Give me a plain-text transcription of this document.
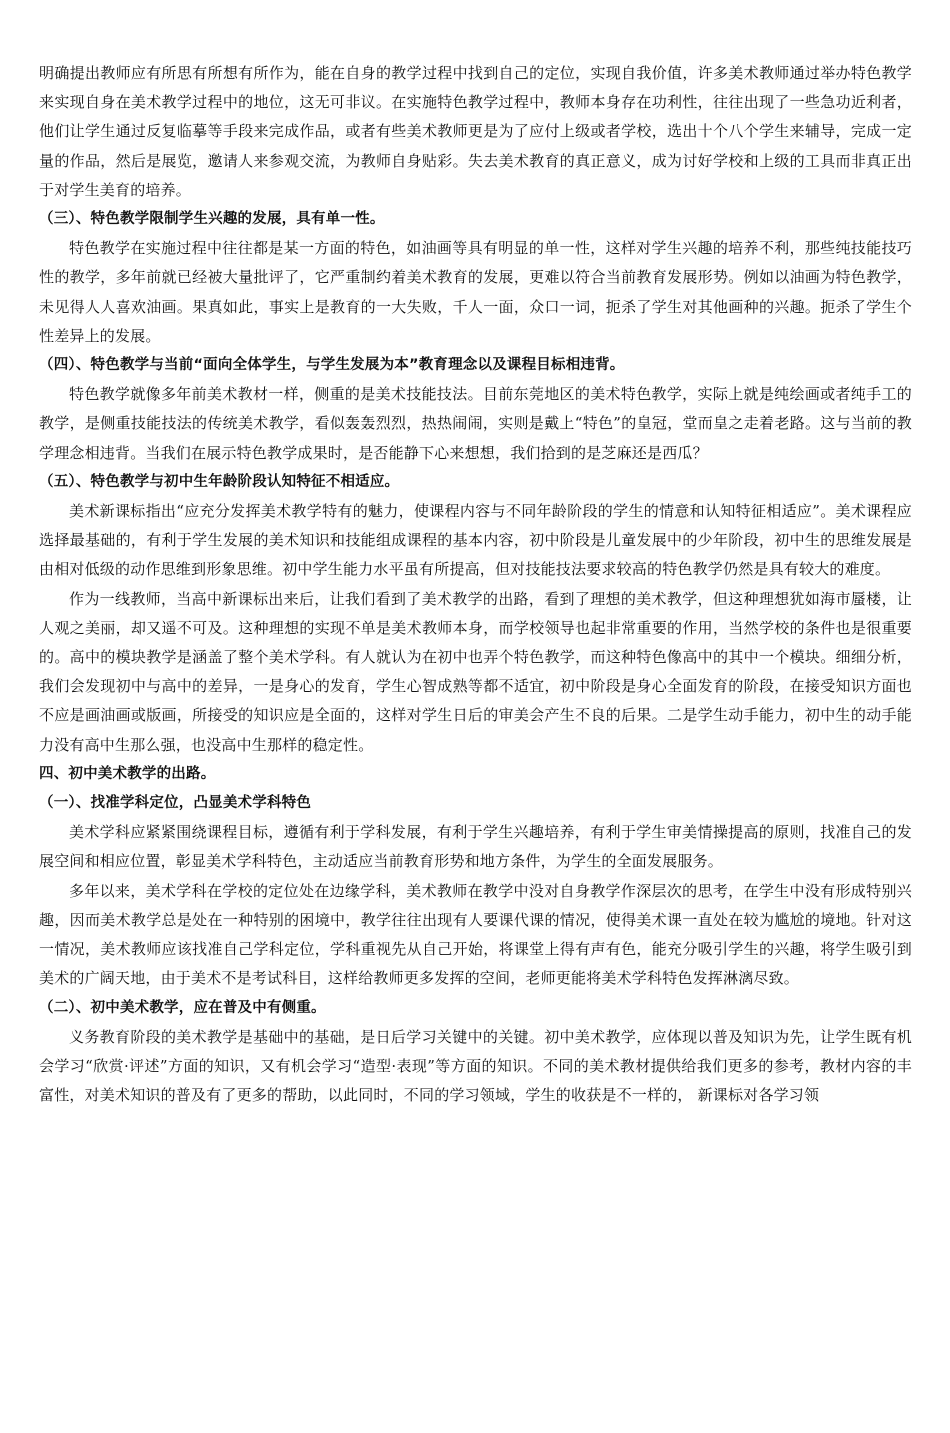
明确提出教师应有所思有所想有所作为，能在自身的教学过程中找到自己的定位，实现自我价值，许多美术教师通过举办特色教学来实现自身在美术教学过程中的地位，这无可非议。在实施特色教学过程中，教师本身存在功利性，往往出现了一些急功近利者，他们让学生通过反复临摹等手段来完成作品，或者有些美术教师更是为了应付上级或者学校，选出十个八个学生来辅导，完成一定量的作品，然后是展览，邀请人来参观交流，为教师自身贴彩。失去美术教育的真正意义，成为讨好学校和上级的工具而非真正出于对学生美育的培养。

（三）、特色教学限制学生兴趣的发展，具有单一性。

特色教学在实施过程中往往都是某一方面的特色，如油画等具有明显的单一性，这样对学生兴趣的培养不利，那些纯技能技巧性的教学，多年前就已经被大量批评了，它严重制约着美术教育的发展，更难以符合当前教育发展形势。例如以油画为特色教学，未见得人人喜欢油画。果真如此，事实上是教育的一大失败，千人一面，众口一词，扼杀了学生对其他画种的兴趣。扼杀了学生个性差异上的发展。

（四）、特色教学与当前“面向全体学生，与学生发展为本”教育理念以及课程目标相违背。

特色教学就像多年前美术教材一样，侧重的是美术技能技法。目前东莞地区的美术特色教学，实际上就是纯绘画或者纯手工的教学，是侧重技能技法的传统美术教学，看似轰轰烈烈，热热闹闹，实则是戴上“特色”的皇冠，堂而皇之走着老路。这与当前的教学理念相违背。当我们在展示特色教学成果时，是否能静下心来想想，我们拾到的是芝麻还是西瓜？

（五）、特色教学与初中生年龄阶段认知特征不相适应。

美术新课标指出“应充分发挥美术教学特有的魅力，使课程内容与不同年龄阶段的学生的情意和认知特征相适应”。美术课程应选择最基础的，有利于学生发展的美术知识和技能组成课程的基本内容，初中阶段是儿童发展中的少年阶段，初中生的思维发展是由相对低级的动作思维到形象思维。初中学生能力水平虽有所提高，但对技能技法要求较高的特色教学仍然是具有较大的难度。

作为一线教师，当高中新课标出来后，让我们看到了美术教学的出路，看到了理想的美术教学，但这种理想犹如海市蜃楼，让人观之美丽，却又遥不可及。这种理想的实现不单是美术教师本身，而学校领导也起非常重要的作用，当然学校的条件也是很重要的。高中的模块教学是涵盖了整个美术学科。有人就认为在初中也弄个特色教学，而这种特色像高中的其中一个模块。细细分析，我们会发现初中与高中的差异，一是身心的发育，学生心智成熟等都不适宜，初中阶段是身心全面发育的阶段，在接受知识方面也不应是画油画或版画，所接受的知识应是全面的，这样对学生日后的审美会产生不良的后果。二是学生动手能力，初中生的动手能力没有高中生那么强，也没高中生那样的稳定性。

四、初中美术教学的出路。

（一）、找准学科定位，凸显美术学科特色

美术学科应紧紧围绕课程目标，遵循有利于学科发展，有利于学生兴趣培养，有利于学生审美情操提高的原则，找准自己的发展空间和相应位置，彰显美术学科特色，主动适应当前教育形势和地方条件，为学生的全面发展服务。

多年以来，美术学科在学校的定位处在边缘学科，美术教师在教学中没对自身教学作深层次的思考，在学生中没有形成特别兴趣，因而美术教学总是处在一种特别的困境中，教学往往出现有人要课代课的情况，使得美术课一直处在较为尴尬的境地。针对这一情况，美术教师应该找准自己学科定位，学科重视先从自己开始，将课堂上得有声有色，能充分吸引学生的兴趣，将学生吸引到美术的广阔天地，由于美术不是考试科目，这样给教师更多发挥的空间，老师更能将美术学科特色发挥淋漓尽致。

（二）、初中美术教学，应在普及中有侧重。

义务教育阶段的美术教学是基础中的基础，是日后学习关键中的关键。初中美术教学，应体现以普及知识为先，让学生既有机会学习“欣赏·评述”方面的知识，又有机会学习“造型·表现”等方面的知识。不同的美术教材提供给我们更多的参考，教材内容的丰富性，对美术知识的普及有了更多的帮助，以此同时，不同的学习领域，学生的收获是不一样的， 新课标对各学习领
